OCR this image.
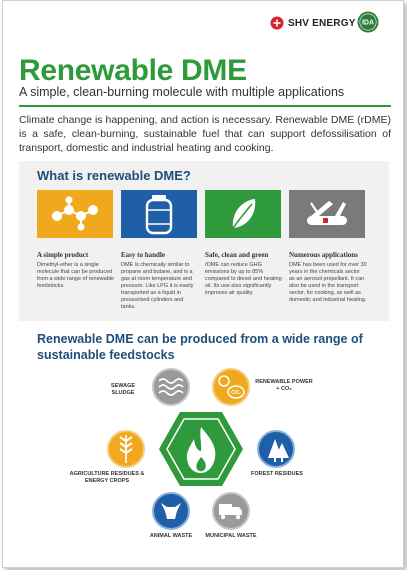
SHV ENERGY IDA
Renewable DME
A simple, clean-burning molecule with multiple applications
Climate change is happening, and action is necessary. Renewable DME (rDME) is a safe, clean-burning, sustainable fuel that can support defossilisation of transport, domestic and industrial heating and cooking.
What is renewable DME?
A simple product
Dimethyl-ether is a single molecule that can be produced from a wide range of renewable feedstocks.
Easy to handle
DME is chemically similar to propane and butane, and is a gas at room temperature and pressure. Like LPG it is easily transported as a liquid in pressurised cylinders and tanks.
Safe, clean and green
rDME can reduce GHG emissions by up to 85% compared to diesel and heating oil. Its use also significantly improves air quality.
Numerous applications
DME has been used for over 30 years in the chemicals sector as an aerosol propellant. It can also be used in the transport sector, for cooking, as well as domestic and industrial heating.
Renewable DME can be produced from a wide range of sustainable feedstocks
CO₂
SEWAGE SLUDGE
RENEWABLE POWER + CO₂
AGRICULTURE RESIDUES & ENERGY CROPS
FOREST RESIDUES
ANIMAL WASTE	MUNICIPAL WASTE
